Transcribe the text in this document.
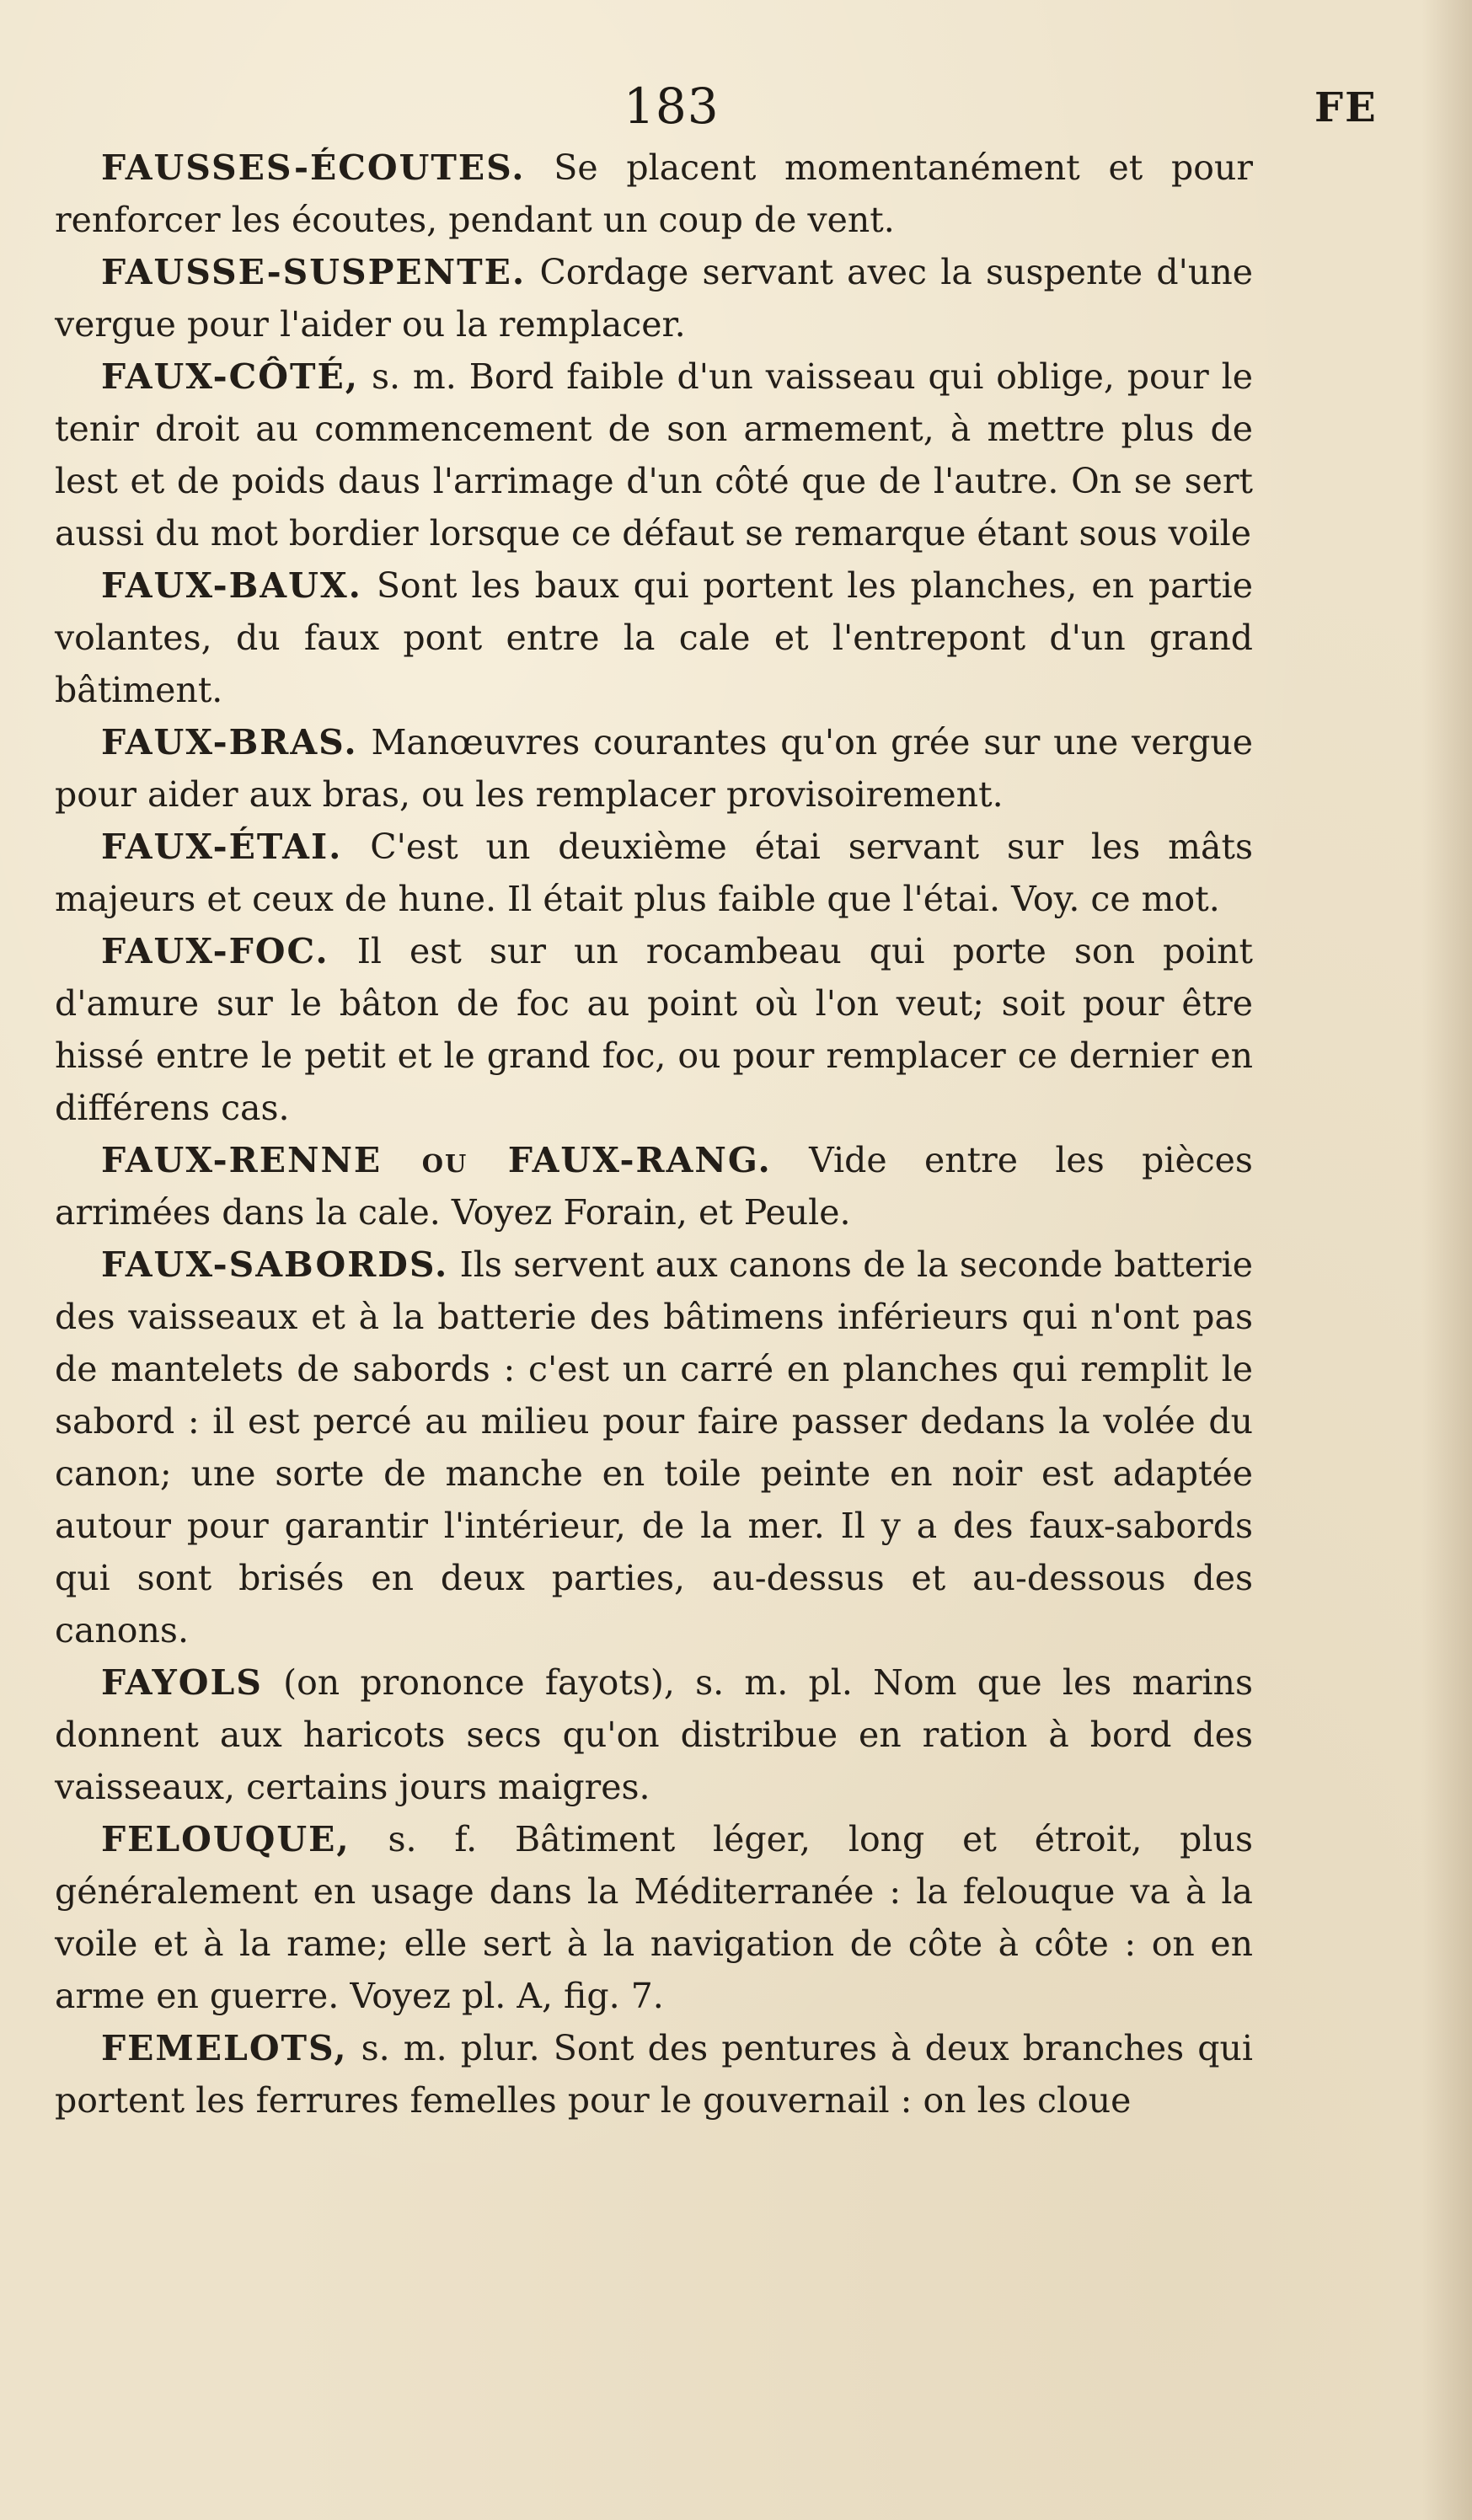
183	FE

FAUSSES-ÉCOUTES. Se placent momentanément et pour renforcer les écoutes, pendant un coup de vent.

FAUSSE-SUSPENTE. Cordage servant avec la suspente d'une vergue pour l'aider ou la remplacer.

FAUX-CÔTÉ, s. m. Bord faible d'un vaisseau qui oblige, pour le tenir droit au commencement de son armement, à mettre plus de lest et de poids daus l'arrimage d'un côté que de l'autre. On se sert aussi du mot bordier lorsque ce défaut se remarque étant sous voile

FAUX-BAUX. Sont les baux qui portent les planches, en partie volantes, du faux pont entre la cale et l'entrepont d'un grand bâtiment.

FAUX-BRAS. Manœuvres courantes qu'on grée sur une vergue pour aider aux bras, ou les remplacer provisoirement.

FAUX-ÉTAI. C'est un deuxième étai servant sur les mâts majeurs et ceux de hune. Il était plus faible que l'étai. Voy. ce mot.

FAUX-FOC. Il est sur un rocambeau qui porte son point d'amure sur le bâton de foc au point où l'on veut; soit pour être hissé entre le petit et le grand foc, ou pour remplacer ce dernier en différens cas.

FAUX-RENNE ou FAUX-RANG. Vide entre les pièces arrimées dans la cale. Voyez Forain, et Peule.

FAUX-SABORDS. Ils servent aux canons de la seconde batterie des vaisseaux et à la batterie des bâtimens inférieurs qui n'ont pas de mantelets de sabords : c'est un carré en planches qui remplit le sabord : il est percé au milieu pour faire passer dedans la volée du canon; une sorte de manche en toile peinte en noir est adaptée autour pour garantir l'intérieur, de la mer. Il y a des faux-sabords qui sont brisés en deux parties, au-dessus et au-dessous des canons.

FAYOLS (on prononce fayots), s. m. pl. Nom que les marins donnent aux haricots secs qu'on distribue en ration à bord des vaisseaux, certains jours maigres.

FELOUQUE, s. f. Bâtiment léger, long et étroit, plus généralement en usage dans la Méditerranée : la felouque va à la voile et à la rame; elle sert à la navigation de côte à côte : on en arme en guerre. Voyez pl. A, fig. 7.

FEMELOTS, s. m. plur. Sont des pentures à deux branches qui portent les ferrures femelles pour le gouvernail : on les cloue
